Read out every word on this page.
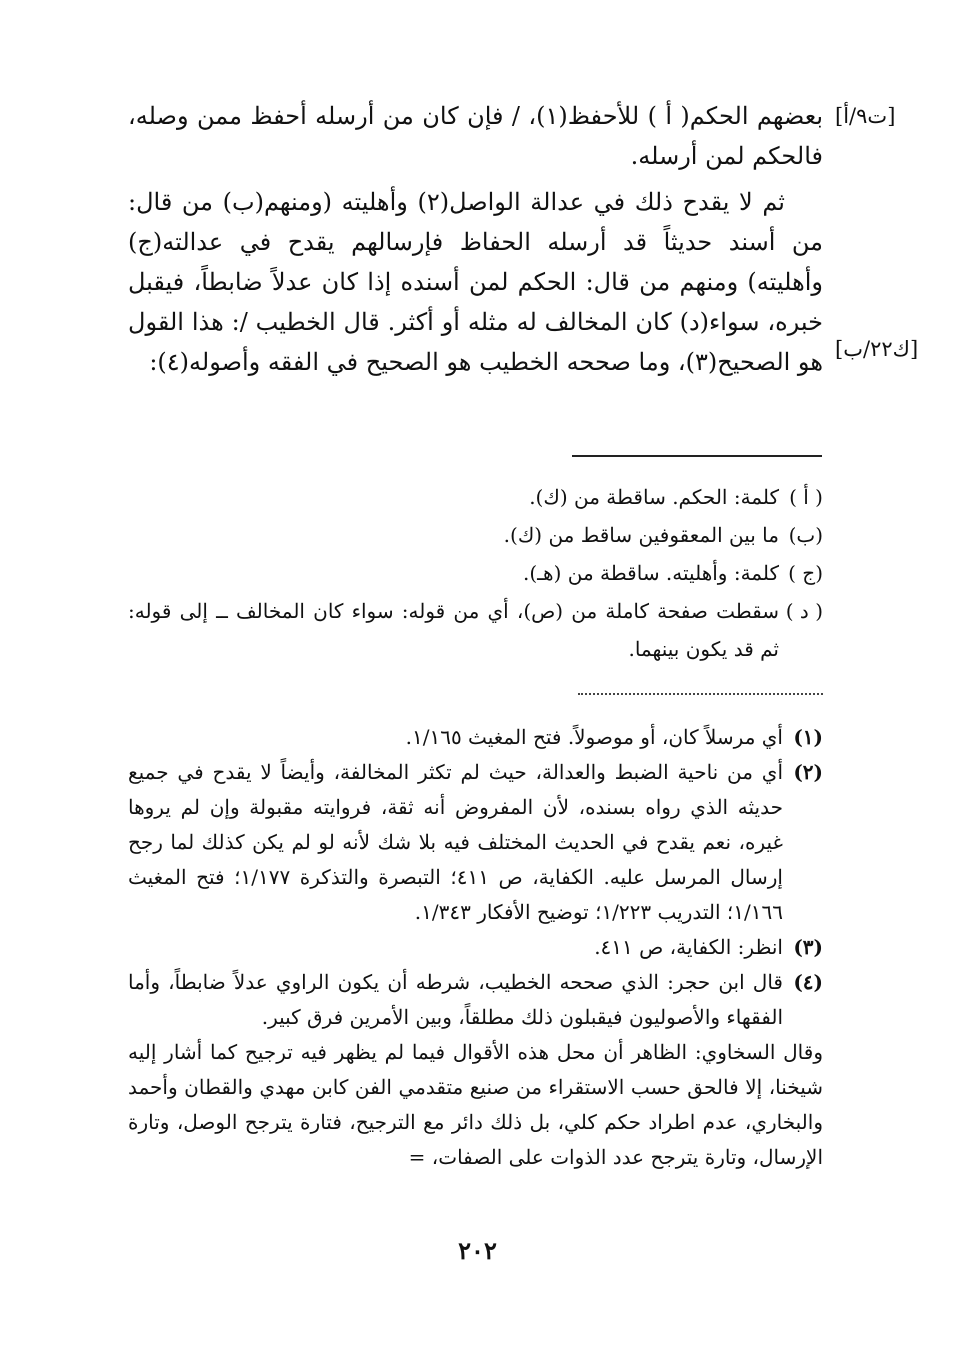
[ت٩/أ]
[ك٢٢/ب]

بعضهم الحكم( أ ) للأحفظ(١)، / فإن كان من أرسله أحفظ ممن وصله، فالحكم لمن أرسله.

ثم لا يقدح ذلك في عدالة الواصل(٢) وأهليته (ومنهم(ب) من قال: من أسند حديثاً قد أرسله الحفاظ فإرسالهم يقدح في عدالته(ج) وأهليته) ومنهم من قال: الحكم لمن أسنده إذا كان عدلاً ضابطاً، فيقبل خبره، سواء(د) كان المخالف له مثله أو أكثر. قال الخطيب /: هذا القول هو الصحيح(٣)، وما صححه الخطيب هو الصحيح في الفقه وأصوله(٤):

( أ )
كلمة: الحكم. ساقطة من (ك).
(ب)
ما بين المعقوفين ساقط من (ك).
(ج )
كلمة: وأهليته. ساقطة من (هـ).
( د )
سقطت صفحة كاملة من (ص)، أي من قوله: سواء كان المخالف ــ إلى قوله: ثم قد يكون بينهما.
(١)
أي مرسلاً كان، أو موصولاً. فتح المغيث ١/١٦٥.
(٢)
أي من ناحية الضبط والعدالة، حيث لم تكثر المخالفة، وأيضاً لا يقدح في جميع حديثه الذي رواه بسنده، لأن المفروض أنه ثقة، فروايته مقبولة وإن لم يروها غيره، نعم يقدح في الحديث المختلف فيه بلا شك لأنه لو لم يكن كذلك لما رجح إرسال المرسل عليه. الكفاية، ص ٤١١؛ التبصرة والتذكرة ١/١٧٧؛ فتح المغيث ١/١٦٦؛ التدريب ١/٢٢٣؛ توضيح الأفكار ١/٣٤٣.
(٣)
انظر: الكفاية، ص ٤١١.
(٤)
قال ابن حجر: الذي صححه الخطيب، شرطه أن يكون الراوي عدلاً ضابطاً، وأما الفقهاء والأصوليون فيقبلون ذلك مطلقاً، وبين الأمرين فرق كبير.
وقال السخاوي: الظاهر أن محل هذه الأقوال فيما لم يظهر فيه ترجيح كما أشار إليه شيخنا، إلا فالحق حسب الاستقراء من صنيع متقدمي الفن كابن مهدي والقطان وأحمد والبخاري، عدم اطراد حكم كلي، بل ذلك دائر مع الترجيح، فتارة يترجح الوصل، وتارة الإرسال، وتارة يترجح عدد الذوات على الصفات، =
٢٠٢
